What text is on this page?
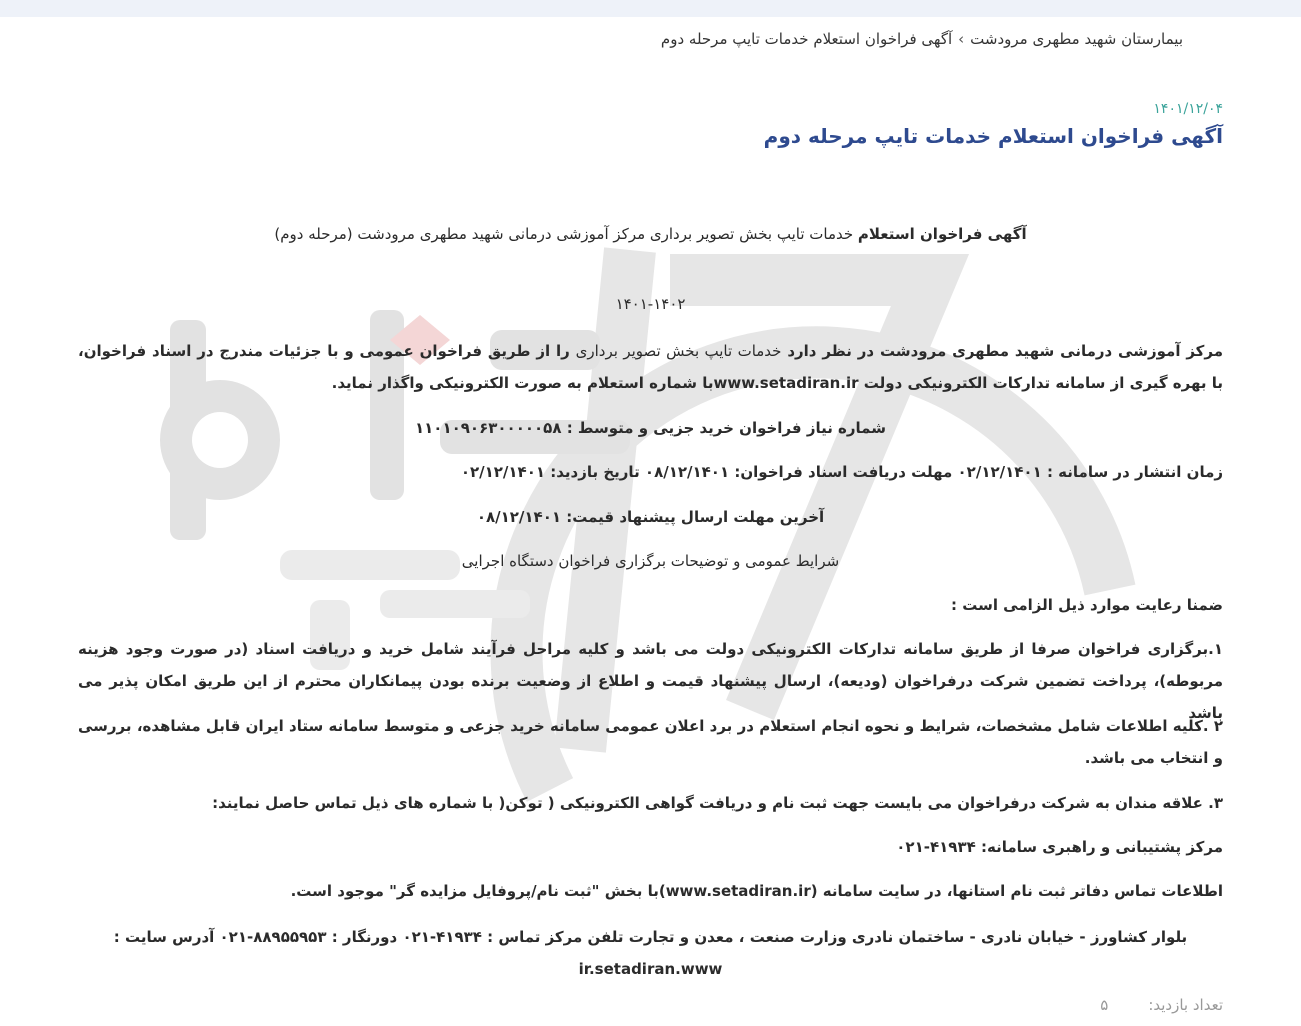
بیمارستان شهید مطهری مرودشت›آگهی فراخوان استعلام خدمات تایپ مرحله دوم
۱۴۰۱/۱۲/۰۴
آگهی فراخوان استعلام خدمات تایپ مرحله دوم

آگهی فراخوان استعلام خدمات تایپ بخش تصویر برداری مرکز آموزشی درمانی شهید مطهری مرودشت (مرحله دوم)

۱۴۰۱-۱۴۰۲

مرکز آموزشی درمانی شهید مطهری مرودشت در نظر دارد خدمات تایپ بخش تصویر برداری را از طریق فراخوان عمومی و با جزئیات مندرج در اسناد فراخوان، با بهره گیری از سامانه تدارکات الکترونیکی دولت www.setadiran.irبا شماره استعلام به صورت الکترونیکی واگذار نماید.

شماره نیاز فراخوان خرید جزیی و متوسط : ۱۱۰۱۰۹۰۶۳۰۰۰۰۰۵۸

زمان انتشار در سامانه : ۰۲/۱۲/۱۴۰۱ مهلت دریافت اسناد فراخوان: ۰۸/۱۲/۱۴۰۱ تاریخ بازدید: ۰۲/۱۲/۱۴۰۱

آخرین مهلت ارسال پیشنهاد قیمت: ۰۸/۱۲/۱۴۰۱

شرایط عمومی و توضیحات برگزاری فراخوان دستگاه اجرایی

ضمنا رعایت موارد ذیل الزامی است :

۱.برگزاری فراخوان صرفا از طریق سامانه تدارکات الکترونیکی دولت می باشد و کلیه مراحل فرآیند شامل خرید و دریافت اسناد (در صورت وجود هزینه مربوطه)، پرداخت تضمین شرکت درفراخوان (ودیعه)، ارسال پیشنهاد قیمت و اطلاع از وضعیت برنده بودن پیمانکاران محترم از این طریق امکان پذیر می باشد

۲ .کلیه اطلاعات شامل مشخصات، شرایط و نحوه انجام استعلام در برد اعلان عمومی سامانه خرید جزعی و متوسط سامانه ستاد ایران قابل مشاهده، بررسی و انتخاب می باشد.

۳. علاقه مندان به شرکت درفراخوان می بایست جهت ثبت نام و دریافت گواهی الکترونیکی ( توکن( با شماره های ذیل تماس حاصل نمایند:

مرکز پشتیبانی و راهبری سامانه: ۴۱۹۳۴-۰۲۱

اطلاعات تماس دفاتر ثبت نام استانها، در سایت سامانه (www.setadiran.ir)با بخش "ثبت نام/پروفایل مزایده گر" موجود است.

بلوار کشاورز - خیابان نادری - ساختمان نادری وزارت صنعت ، معدن و تجارت تلفن مرکز تماس : ۴۱۹۳۴-۰۲۱ دورنگار : ۸۸۹۵۵۹۵۳-۰۲۱ آدرس سایت : ir.setadiran.www

تعداد بازدید:۵
